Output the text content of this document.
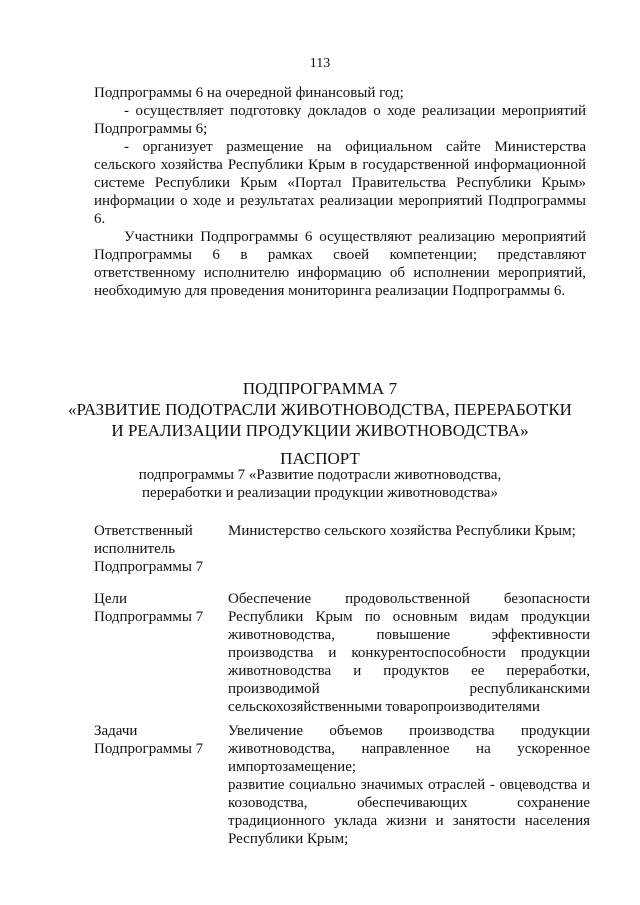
113

Подпрограммы 6 на очередной финансовый год;

- осуществляет подготовку докладов о ходе реализации мероприятий Подпрограммы 6;

- организует размещение на официальном сайте Министерства сельского хозяйства Республики Крым в государственной информационной системе Республики Крым «Портал Правительства Республики Крым» информации о ходе и результатах реализации мероприятий Подпрограммы 6.

Участники Подпрограммы 6 осуществляют реализацию мероприятий Подпрограммы 6 в рамках своей компетенции; представляют ответственному исполнителю информацию об исполнении мероприятий, необходимую для проведения мониторинга реализации Подпрограммы 6.

ПОДПРОГРАММА 7
«РАЗВИТИЕ ПОДОТРАСЛИ ЖИВОТНОВОДСТВА, ПЕРЕРАБОТКИ
И РЕАЛИЗАЦИИ ПРОДУКЦИИ ЖИВОТНОВОДСТВА»
ПАСПОРТ
подпрограммы 7 «Развитие подотрасли животноводства,
переработки и реализации продукции животноводства»
Ответственный
исполнитель
Подпрограммы 7

Министерство сельского хозяйства Республики Крым;

Цели
Подпрограммы 7

Обеспечение продовольственной безопасности Республики Крым по основным видам продукции животноводства, повышение эффективности производства и конкурентоспособности продукции животноводства и продуктов ее переработки, производимой республиканскими сельскохозяйственными товаропроизводителями

Задачи
Подпрограммы 7

Увеличение объемов производства продукции животноводства, направленное на ускоренное импортозамещение;

развитие социально значимых отраслей - овцеводства и козоводства, обеспечивающих сохранение традиционного уклада жизни и занятости населения Республики Крым;
